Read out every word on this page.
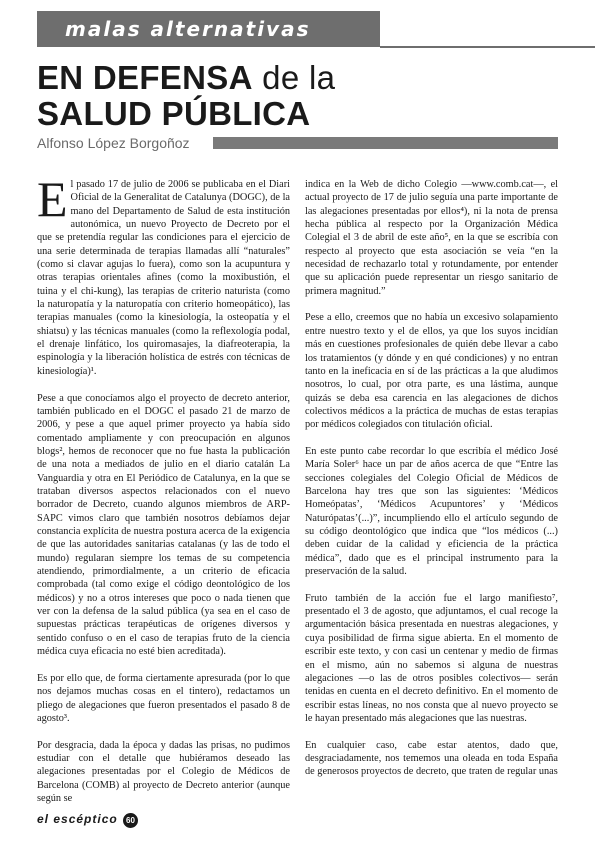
malas alternativas
EN DEFENSA de la
SALUD PÚBLICA
Alfonso López Borgoñoz

El pasado 17 de julio de 2006 se publicaba en el Diari Oficial de la Generalitat de Catalunya (DOGC), de la mano del Departamento de Salud de esta institución autonómica, un nuevo Proyecto de Decreto por el que se pretendía regular las condiciones para el ejercicio de una serie determinada de terapias llamadas allí “naturales” (como si clavar agujas lo fuera), como son la acupuntura y otras terapias orientales afines (como la moxibustión, el tuina y el chi-kung), las terapias de criterio naturista (como la naturopatía y la naturopatía con criterio homeopático), las terapias manuales (como la kinesiología, la osteopatía y el shiatsu) y las técnicas manuales (como la reflexología podal, el drenaje linfático, los quiromasajes, la diafreoterapia, la espinología y la liberación holística de estrés con técnicas de kinesiología)¹.

Pese a que conocíamos algo el proyecto de decreto anterior, también publicado en el DOGC el pasado 21 de marzo de 2006, y pese a que aquel primer proyecto ya había sido comentado ampliamente y con preocupación en algunos blogs², hemos de reconocer que no fue hasta la publicación de una nota a mediados de julio en el diario catalán La Vanguardia y otra en El Periódico de Catalunya, en la que se trataban diversos aspectos relacionados con el nuevo borrador de Decreto, cuando algunos miembros de ARP-SAPC vimos claro que también nosotros debíamos dejar constancia explícita de nuestra postura acerca de la exigencia de que las autoridades sanitarias catalanas (y las de todo el mundo) regularan siempre los temas de su competencia atendiendo, primordialmente, a un criterio de eficacia comprobada (tal como exige el código deontológico de los médicos) y no a otros intereses que poco o nada tienen que ver con la defensa de la salud pública (ya sea en el caso de supuestas prácticas terapéuticas de orígenes diversos y sentido confuso o en el caso de terapias fruto de la ciencia médica cuya eficacia no esté bien acreditada).

Es por ello que, de forma ciertamente apresurada (por lo que nos dejamos muchas cosas en el tintero), redactamos un pliego de alegaciones que fueron presentados el pasado 8 de agosto³.

Por desgracia, dada la época y dadas las prisas, no pudimos estudiar con el detalle que hubiéramos deseado las alegaciones presentadas por el Colegio de Médicos de Barcelona (COMB) al proyecto de Decreto anterior (aunque según se

indica en la Web de dicho Colegio —www.comb.cat—, el actual proyecto de 17 de julio seguía una parte importante de las alegaciones presentadas por ellos⁴), ni la nota de prensa hecha pública al respecto por la Organización Médica Colegial el 3 de abril de este año⁵, en la que se escribía con respecto al proyecto que esta asociación se veía “en la necesidad de rechazarlo total y rotundamente, por entender que su aplicación puede representar un riesgo sanitario de primera magnitud.”

Pese a ello, creemos que no había un excesivo solapamiento entre nuestro texto y el de ellos, ya que los suyos incidían más en cuestiones profesionales de quién debe llevar a cabo los tratamientos (y dónde y en qué condiciones) y no entran tanto en la ineficacia en sí de las prácticas a la que aludimos nosotros, lo cual, por otra parte, es una lástima, aunque quizás se deba esa carencia en las alegaciones de dichos colectivos médicos a la práctica de muchas de estas terapias por médicos colegiados con titulación oficial.

En este punto cabe recordar lo que escribía el médico José María Soler⁶ hace un par de años acerca de que “Entre las secciones colegiales del Colegio Oficial de Médicos de Barcelona hay tres que son las siguientes: ‘Médicos Homeópatas’, ‘Médicos Acupuntores’ y ‘Médicos Naturópatas’(...)”, incumpliendo ello el artículo segundo de su código deontológico que indica que “los médicos (...) deben cuidar de la calidad y eficiencia de la práctica médica”, dado que es el principal instrumento para la preservación de la salud.

Fruto también de la acción fue el largo manifiesto⁷, presentado el 3 de agosto, que adjuntamos, el cual recoge la argumentación básica presentada en nuestras alegaciones, y cuya posibilidad de firma sigue abierta. En el momento de escribir este texto, y con casi un centenar y medio de firmas en el mismo, aún no sabemos si alguna de nuestras alegaciones —o las de otros posibles colectivos— serán tenidas en cuenta en el decreto definitivo. En el momento de escribir estas líneas, no nos consta que al nuevo proyecto se le hayan presentado más alegaciones que las nuestras.

En cualquier caso, cabe estar atentos, dado que, desgraciadamente, nos tememos una oleada en toda España de generosos proyectos de decreto, que traten de regular unas

el escéptico	60
